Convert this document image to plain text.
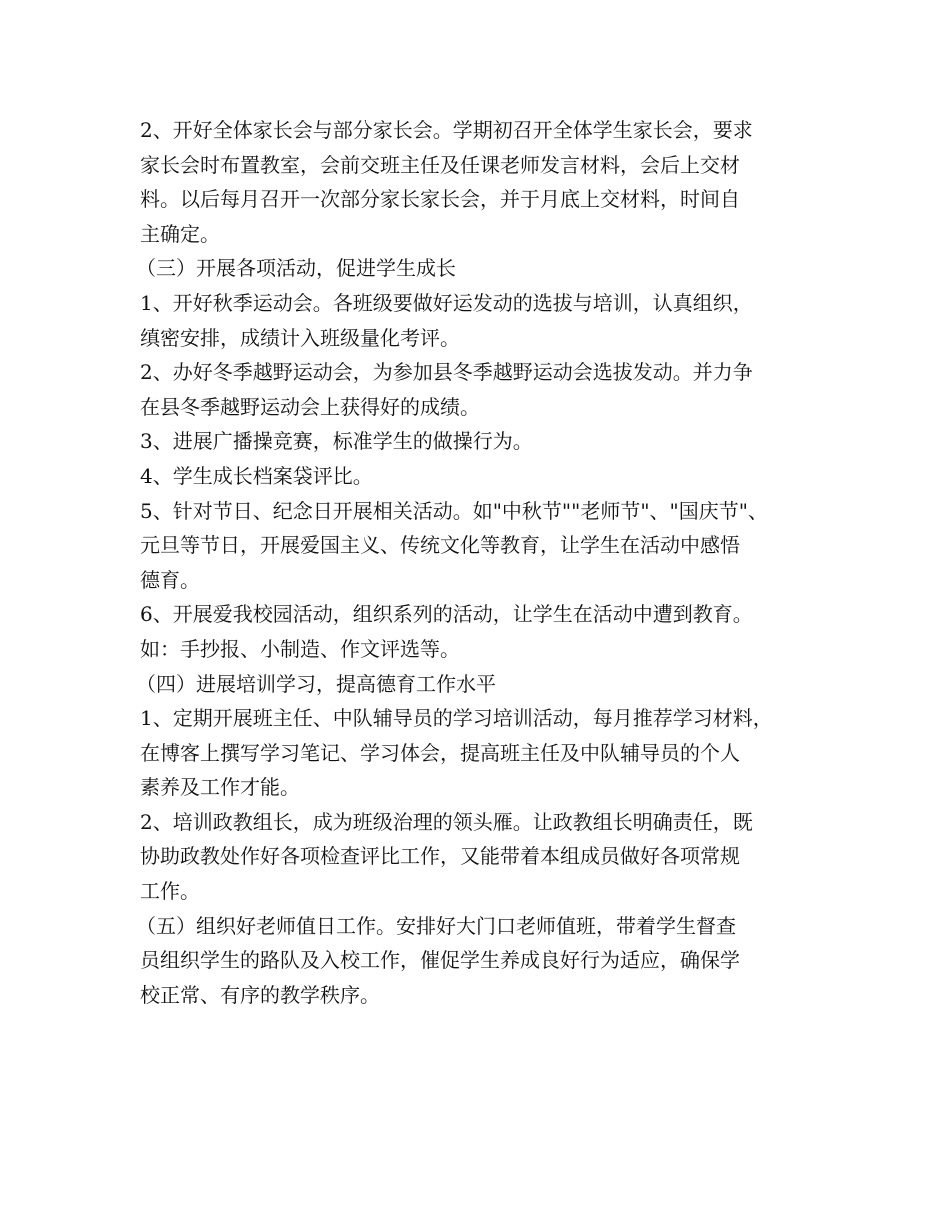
2、开好全体家长会与部分家长会。学期初召开全体学生家长会，要求
家长会时布置教室，会前交班主任及任课老师发言材料，会后上交材
料。以后每月召开一次部分家长家长会，并于月底上交材料，时间自
主确定。
（三）开展各项活动，促进学生成长
1、开好秋季运动会。各班级要做好运发动的选拔与培训，认真组织，
缜密安排，成绩计入班级量化考评。
2、办好冬季越野运动会，为参加县冬季越野运动会选拔发动。并力争
在县冬季越野运动会上获得好的成绩。
3、进展广播操竞赛，标准学生的做操行为。
4、学生成长档案袋评比。
5、针对节日、纪念日开展相关活动。如"中秋节""老师节"、"国庆节"、
元旦等节日，开展爱国主义、传统文化等教育，让学生在活动中感悟
德育。
6、开展爱我校园活动，组织系列的活动，让学生在活动中遭到教育。
如：手抄报、小制造、作文评选等。
（四）进展培训学习，提高德育工作水平
1、定期开展班主任、中队辅导员的学习培训活动，每月推荐学习材料，
在博客上撰写学习笔记、学习体会，提高班主任及中队辅导员的个人
素养及工作才能。
2、培训政教组长，成为班级治理的领头雁。让政教组长明确责任，既
协助政教处作好各项检查评比工作，又能带着本组成员做好各项常规
工作。
（五）组织好老师值日工作。安排好大门口老师值班，带着学生督查
员组织学生的路队及入校工作，催促学生养成良好行为适应，确保学
校正常、有序的教学秩序。
